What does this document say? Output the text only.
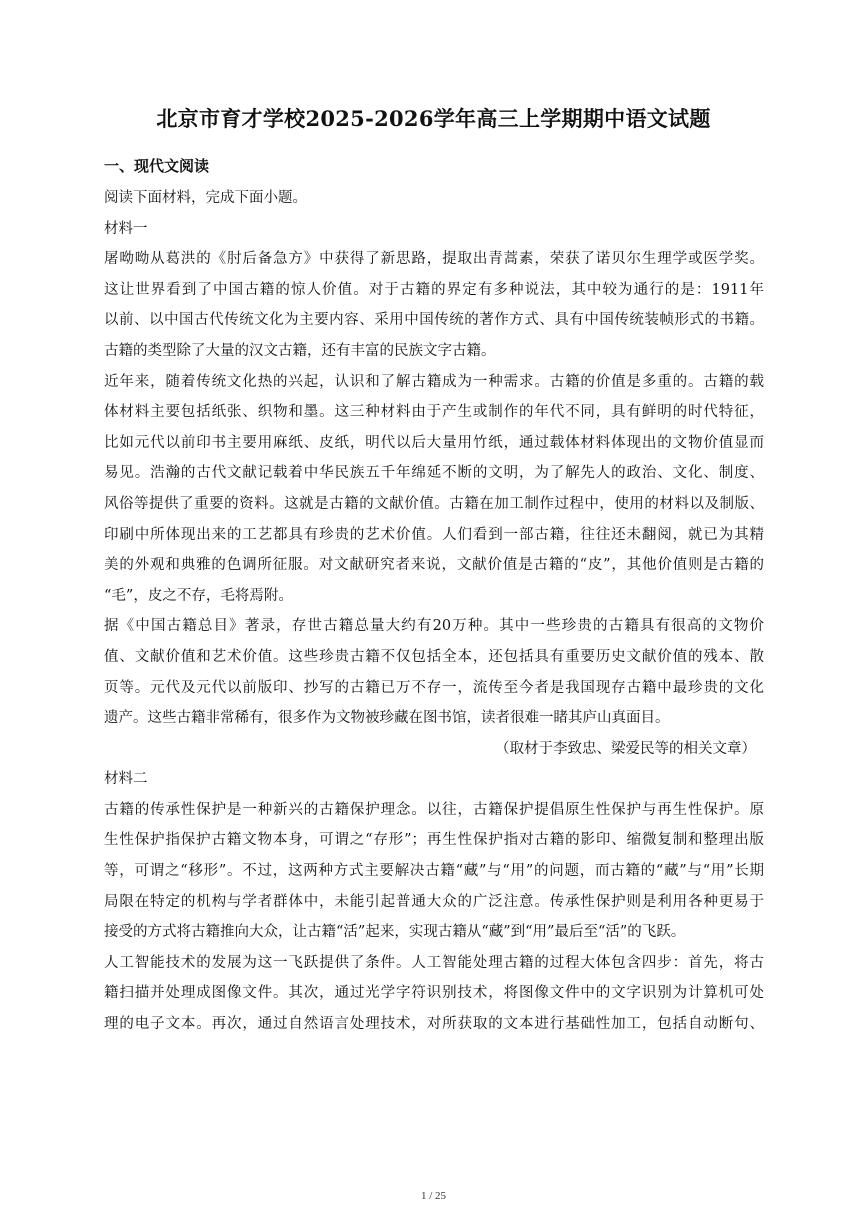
北京市育才学校2025-2026学年高三上学期期中语文试题
一、现代文阅读

阅读下面材料，完成下面小题。

材料一

屠呦呦从葛洪的《肘后备急方》中获得了新思路，提取出青蒿素，荣获了诺贝尔生理学或医学奖。

这让世界看到了中国古籍的惊人价值。对于古籍的界定有多种说法，其中较为通行的是：1911年

以前、以中国古代传统文化为主要内容、采用中国传统的著作方式、具有中国传统装帧形式的书籍。

古籍的类型除了大量的汉文古籍，还有丰富的民族文字古籍。

近年来，随着传统文化热的兴起，认识和了解古籍成为一种需求。古籍的价值是多重的。古籍的载

体材料主要包括纸张、织物和墨。这三种材料由于产生或制作的年代不同，具有鲜明的时代特征，

比如元代以前印书主要用麻纸、皮纸，明代以后大量用竹纸，通过载体材料体现出的文物价值显而

易见。浩瀚的古代文献记载着中华民族五千年绵延不断的文明，为了解先人的政治、文化、制度、

风俗等提供了重要的资料。这就是古籍的文献价值。古籍在加工制作过程中，使用的材料以及制版、

印刷中所体现出来的工艺都具有珍贵的艺术价值。人们看到一部古籍，往往还未翻阅，就已为其精

美的外观和典雅的色调所征服。对文献研究者来说，文献价值是古籍的“皮”，其他价值则是古籍的

“毛”，皮之不存，毛将焉附。

据《中国古籍总目》著录，存世古籍总量大约有20万种。其中一些珍贵的古籍具有很高的文物价

值、文献价值和艺术价值。这些珍贵古籍不仅包括全本，还包括具有重要历史文献价值的残本、散

页等。元代及元代以前版印、抄写的古籍已万不存一，流传至今者是我国现存古籍中最珍贵的文化

遗产。这些古籍非常稀有，很多作为文物被珍藏在图书馆，读者很难一睹其庐山真面目。

（取材于李致忠、梁爱民等的相关文章）

材料二

古籍的传承性保护是一种新兴的古籍保护理念。以往，古籍保护提倡原生性保护与再生性保护。原

生性保护指保护古籍文物本身，可谓之“存形”；再生性保护指对古籍的影印、缩微复制和整理出版

等，可谓之“移形”。不过，这两种方式主要解决古籍“藏”与“用”的问题，而古籍的“藏”与“用”长期

局限在特定的机构与学者群体中，未能引起普通大众的广泛注意。传承性保护则是利用各种更易于

接受的方式将古籍推向大众，让古籍“活”起来，实现古籍从“藏”到“用”最后至“活”的飞跃。

人工智能技术的发展为这一飞跃提供了条件。人工智能处理古籍的过程大体包含四步：首先，将古

籍扫描并处理成图像文件。其次，通过光学字符识别技术，将图像文件中的文字识别为计算机可处

理的电子文本。再次，通过自然语言处理技术，对所获取的文本进行基础性加工，包括自动断句、

1 / 25
